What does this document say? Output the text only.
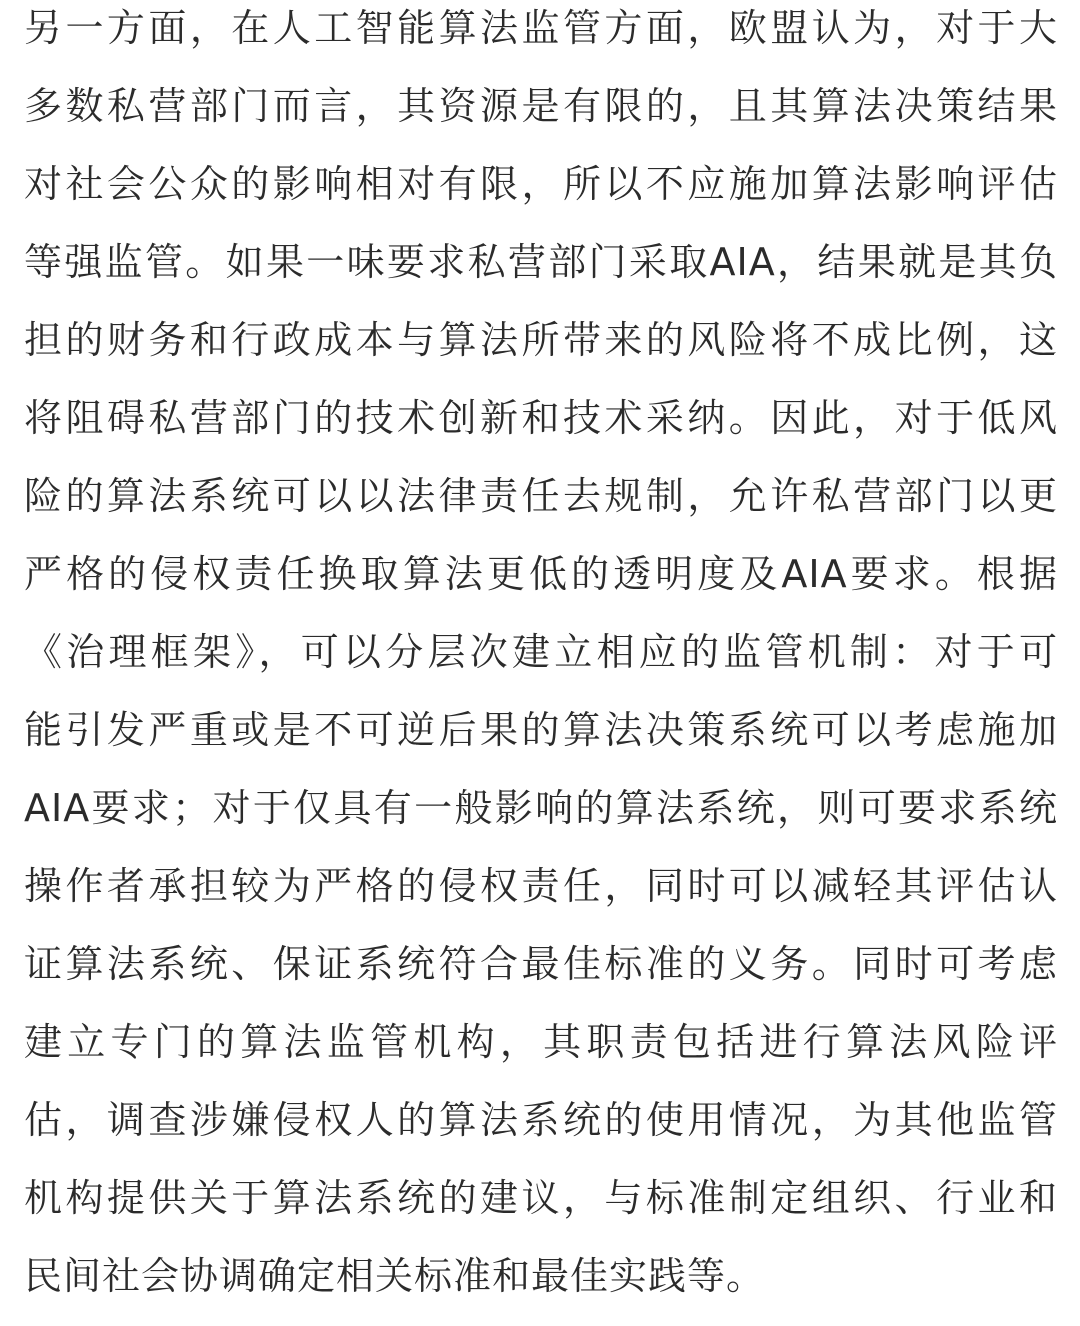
另一方面，在人工智能算法监管方面，欧盟认为，对于大
多数私营部门而言，其资源是有限的，且其算法决策结果
对社会公众的影响相对有限，所以不应施加算法影响评估
等强监管。如果一味要求私营部门采取AIA，结果就是其负
担的财务和行政成本与算法所带来的风险将不成比例，这
将阻碍私营部门的技术创新和技术采纳。因此，对于低风
险的算法系统可以以法律责任去规制，允许私营部门以更
严格的侵权责任换取算法更低的透明度及AIA要求。根据
《治理框架》，可以分层次建立相应的监管机制：对于可
能引发严重或是不可逆后果的算法决策系统可以考虑施加
AIA要求；对于仅具有一般影响的算法系统，则可要求系统
操作者承担较为严格的侵权责任，同时可以减轻其评估认
证算法系统、保证系统符合最佳标准的义务。同时可考虑
建立专门的算法监管机构，其职责包括进行算法风险评
估，调查涉嫌侵权人的算法系统的使用情况，为其他监管
机构提供关于算法系统的建议，与标准制定组织、行业和
民间社会协调确定相关标准和最佳实践等。
